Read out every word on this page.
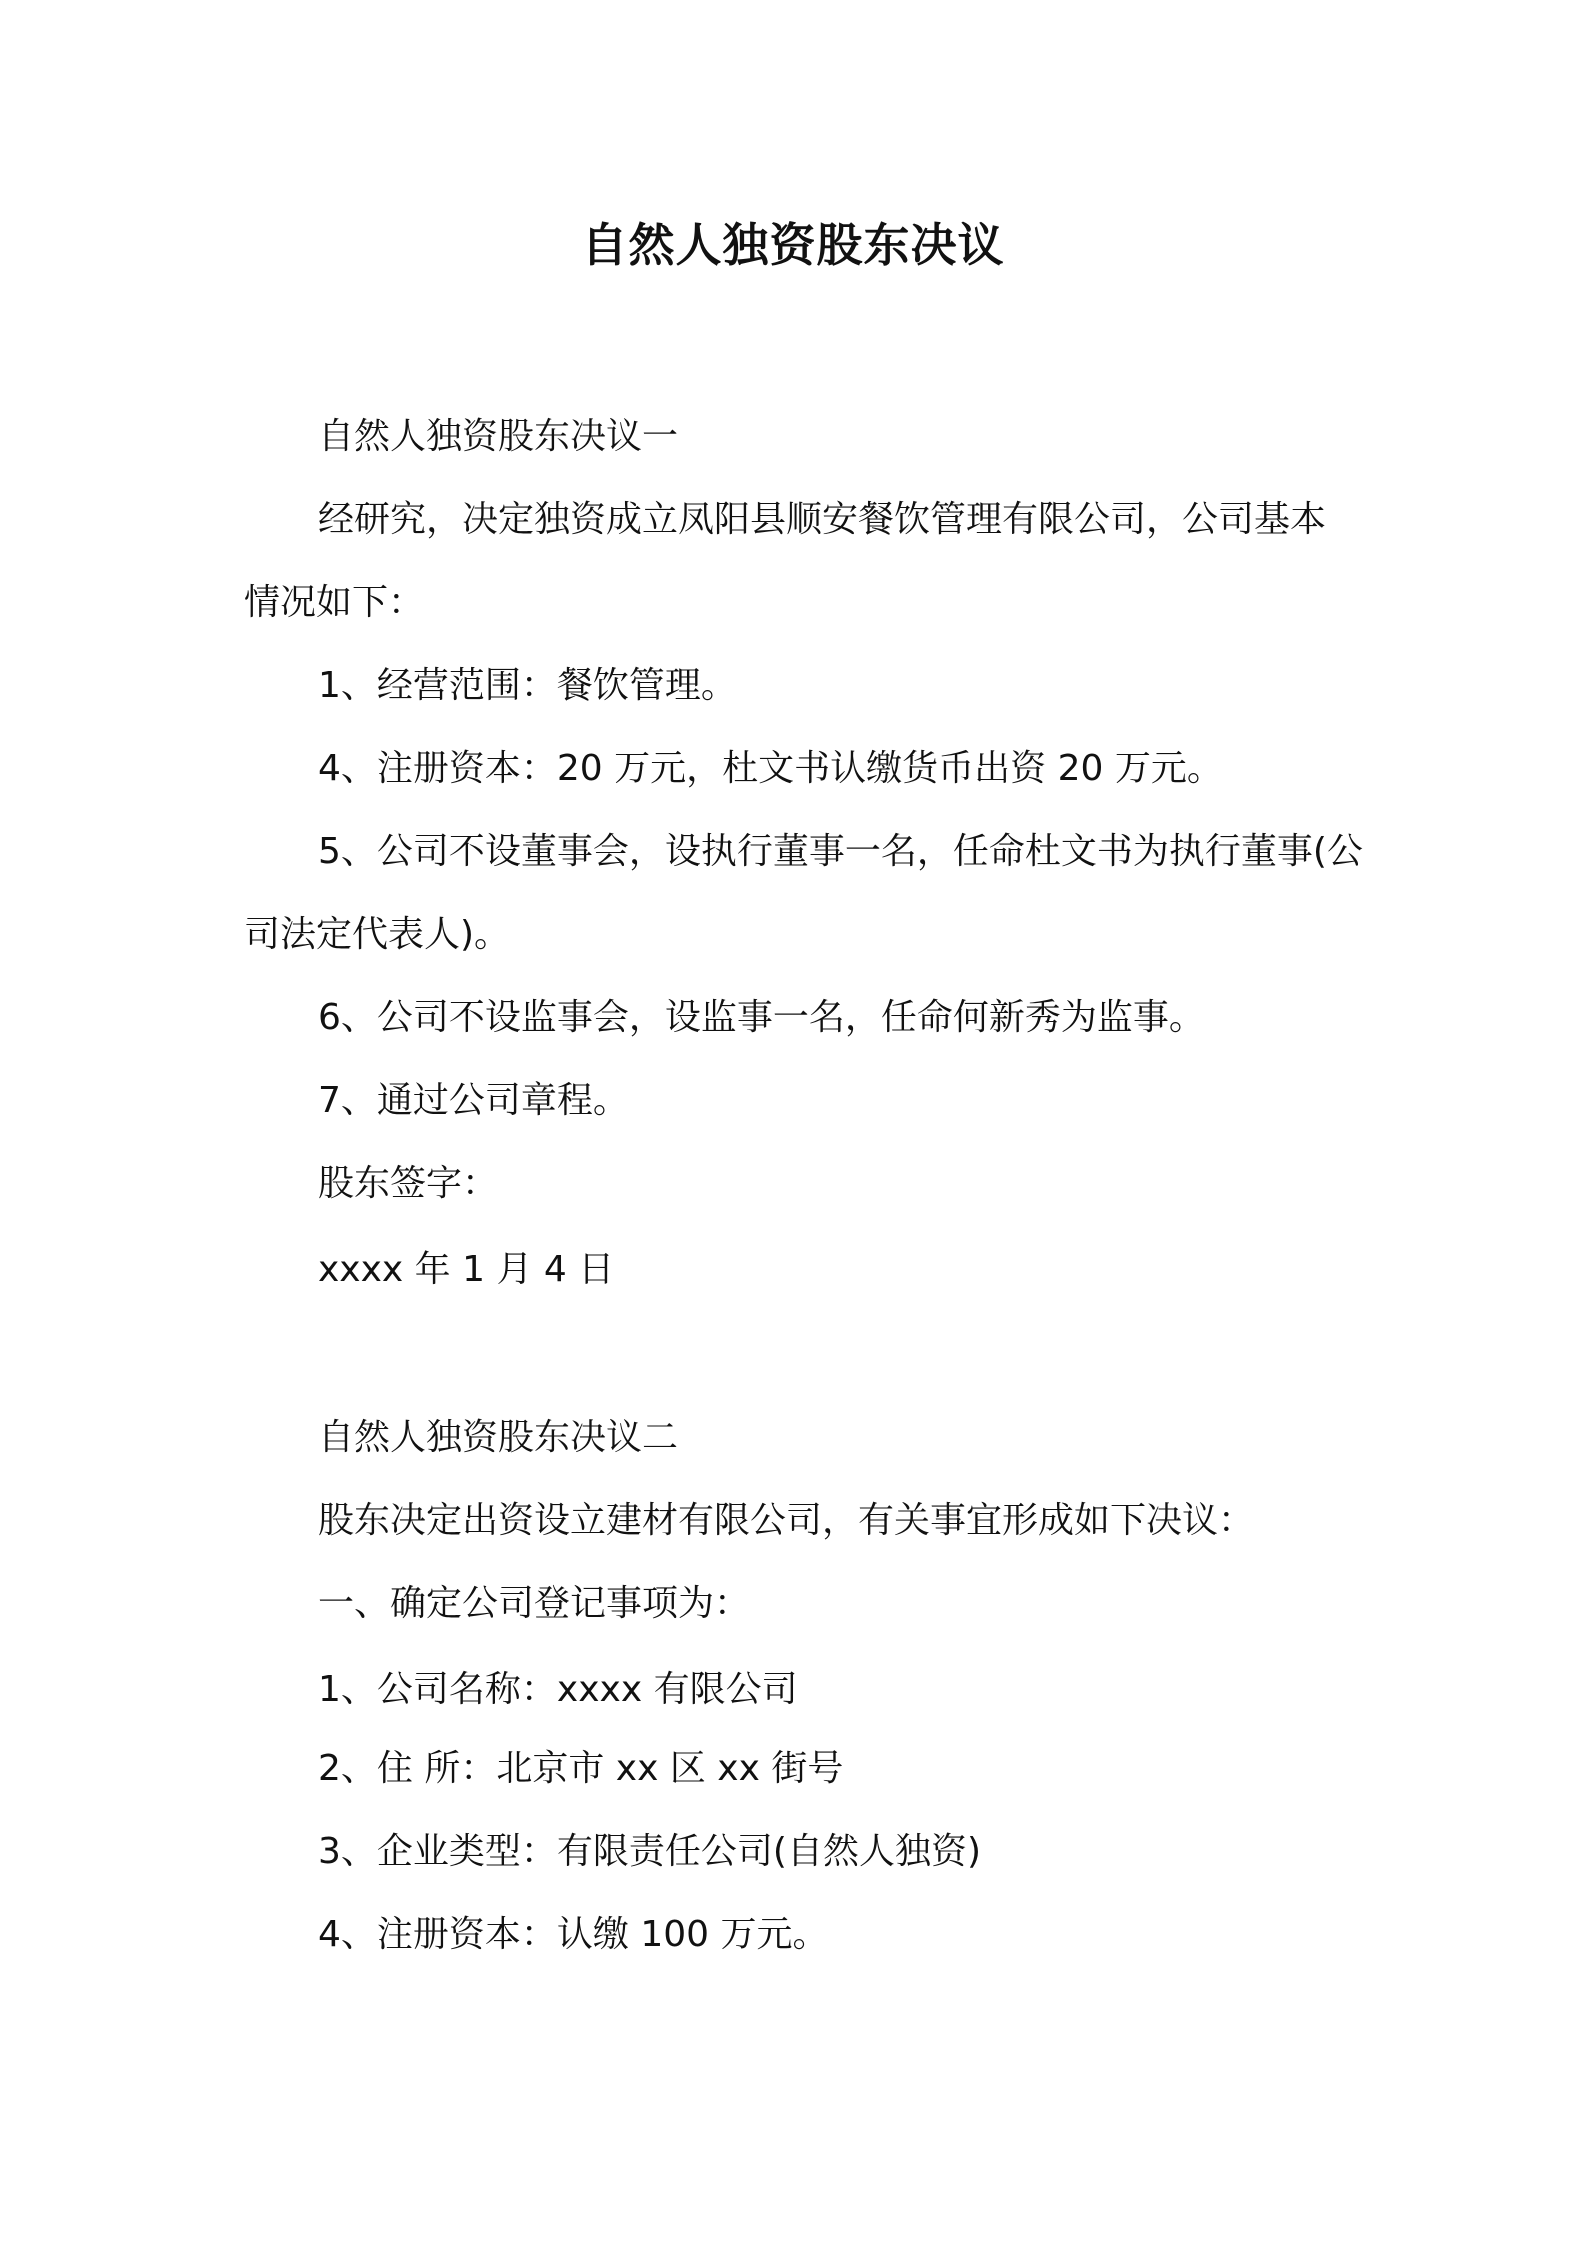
自然人独资股东决议
自然人独资股东决议一
经研究，决定独资成立凤阳县顺安餐饮管理有限公司，公司基本
情况如下：
1、经营范围：餐饮管理。
4、注册资本：20 万元，杜文书认缴货币出资 20 万元。
5、公司不设董事会，设执行董事一名，任命杜文书为执行董事(公
司法定代表人)。
6、公司不设监事会，设监事一名，任命何新秀为监事。
7、通过公司章程。
股东签字：
xxxx 年 1 月 4 日
自然人独资股东决议二
股东决定出资设立建材有限公司，有关事宜形成如下决议：
一、确定公司登记事项为：
1、公司名称：xxxx 有限公司
2、住 所：北京市 xx 区 xx 街号
3、企业类型：有限责任公司(自然人独资)
4、注册资本：认缴 100 万元。
